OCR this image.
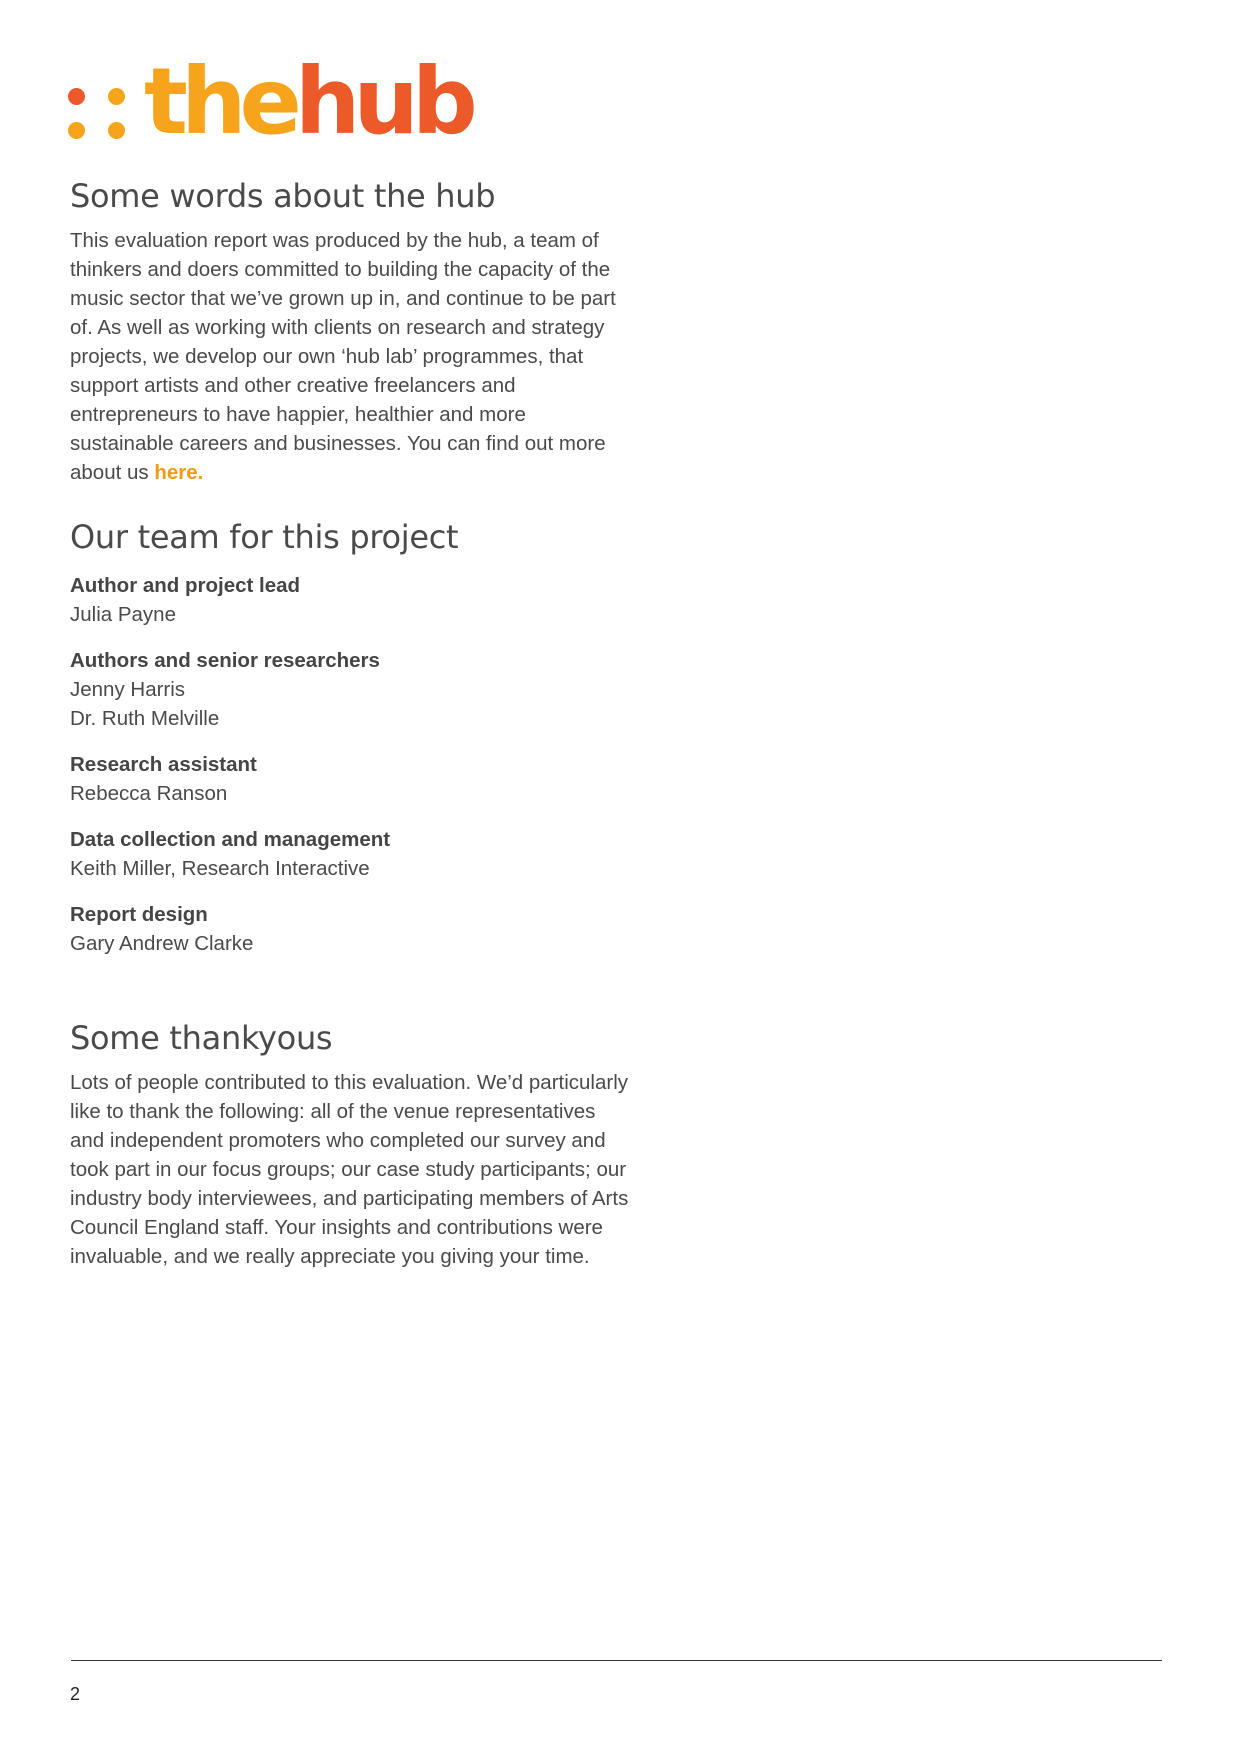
thehub
Some words about the hub

This evaluation report was produced by the hub, a team of thinkers and doers committed to building the capacity of the music sector that we’ve grown up in, and continue to be part of. As well as working with clients on research and strategy projects, we develop our own ‘hub lab’ programmes, that support artists and other creative freelancers and entrepreneurs to have happier, healthier and more sustainable careers and businesses. You can find out more about us here.

Our team for this project
Author and project lead
Julia Payne
Authors and senior researchers
Jenny Harris
Dr. Ruth Melville
Research assistant
Rebecca Ranson
Data collection and management
Keith Miller, Research Interactive
Report design
Gary Andrew Clarke
Some thankyous

Lots of people contributed to this evaluation. We’d particularly like to thank the following: all of the venue representatives and independent promoters who completed our survey and took part in our focus groups; our case study participants; our industry body interviewees, and participating members of Arts Council England staff. Your insights and contributions were invaluable, and we really appreciate you giving your time.

2
